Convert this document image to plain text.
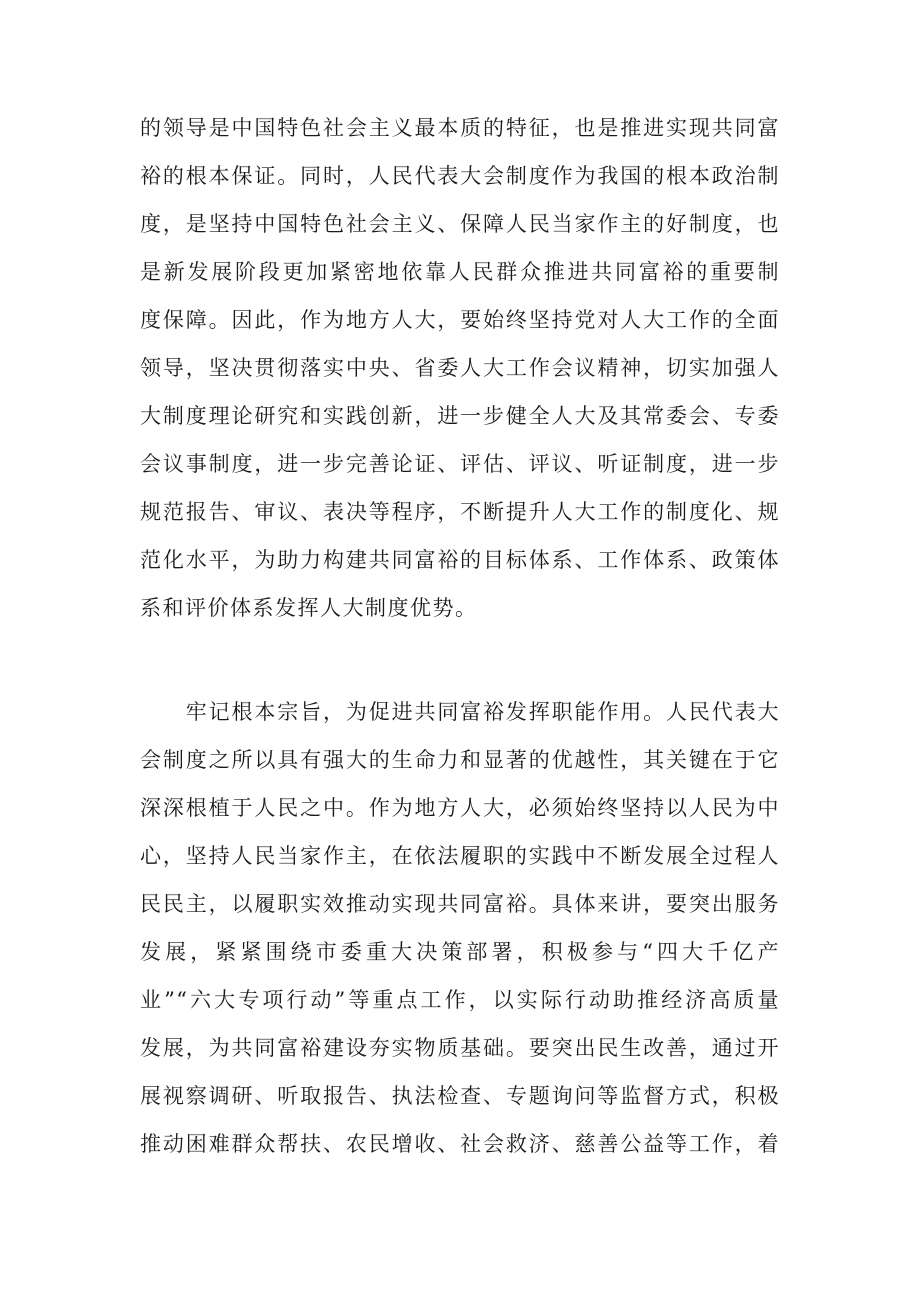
的领导是中国特色社会主义最本质的特征，也是推进实现共同富
裕的根本保证。同时，人民代表大会制度作为我国的根本政治制
度，是坚持中国特色社会主义、保障人民当家作主的好制度，也
是新发展阶段更加紧密地依靠人民群众推进共同富裕的重要制
度保障。因此，作为地方人大，要始终坚持党对人大工作的全面
领导，坚决贯彻落实中央、省委人大工作会议精神，切实加强人
大制度理论研究和实践创新，进一步健全人大及其常委会、专委
会议事制度，进一步完善论证、评估、评议、听证制度，进一步
规范报告、审议、表决等程序，不断提升人大工作的制度化、规
范化水平，为助力构建共同富裕的目标体系、工作体系、政策体
系和评价体系发挥人大制度优势。
　　牢记根本宗旨，为促进共同富裕发挥职能作用。人民代表大
会制度之所以具有强大的生命力和显著的优越性，其关键在于它
深深根植于人民之中。作为地方人大，必须始终坚持以人民为中
心，坚持人民当家作主，在依法履职的实践中不断发展全过程人
民民主，以履职实效推动实现共同富裕。具体来讲，要突出服务
发展，紧紧围绕市委重大决策部署，积极参与“四大千亿产
业”“六大专项行动”等重点工作，以实际行动助推经济高质量
发展，为共同富裕建设夯实物质基础。要突出民生改善，通过开
展视察调研、听取报告、执法检查、专题询问等监督方式，积极
推动困难群众帮扶、农民增收、社会救济、慈善公益等工作，着
